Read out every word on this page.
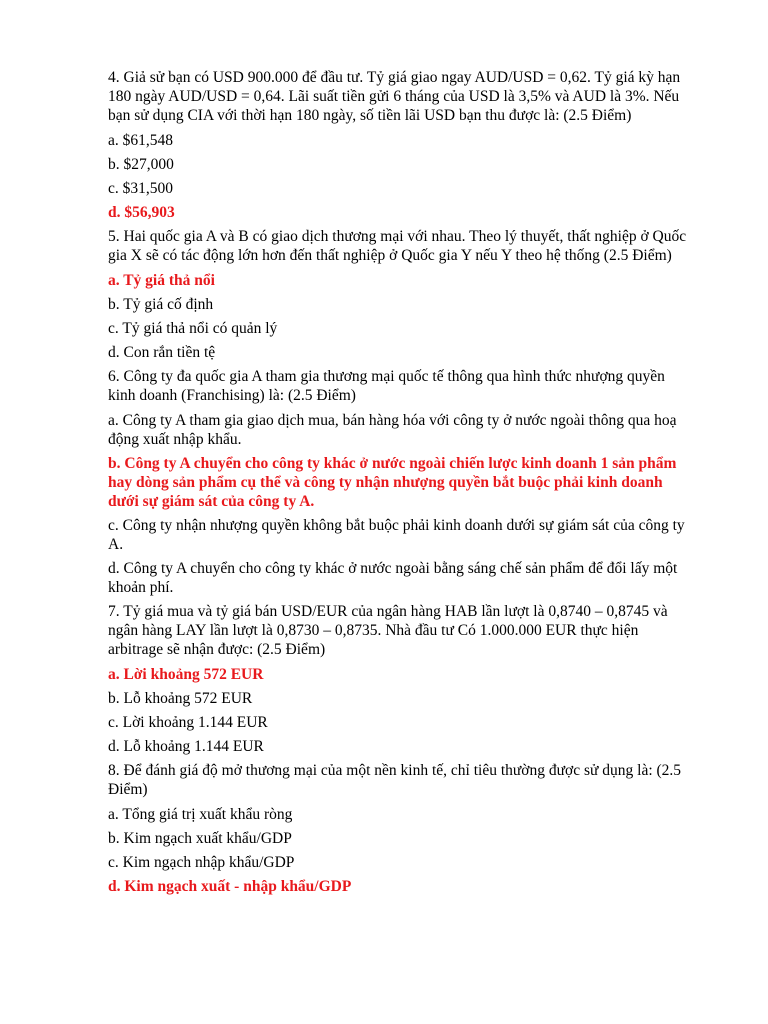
4. Giả sử bạn có USD 900.000 để đầu tư. Tỷ giá giao ngay AUD/USD = 0,62. Tỷ giá kỳ hạn 180 ngày AUD/USD = 0,64. Lãi suất tiền gửi 6 tháng của USD là 3,5% và AUD là 3%. Nếu bạn sử dụng CIA với thời hạn 180 ngày, số tiền lãi USD bạn thu được là: (2.5 Điểm)

a. $61,548

b. $27,000

c. $31,500

d. $56,903

5. Hai quốc gia A và B có giao dịch thương mại với nhau. Theo lý thuyết, thất nghiệp ở Quốc gia X sẽ có tác động lớn hơn đến thất nghiệp ở Quốc gia Y nếu Y theo hệ thống (2.5 Điểm)

a. Tỷ giá thả nổi

b. Tỷ giá cố định

c. Tỷ giá thả nổi có quản lý

d. Con rắn tiền tệ

6. Công ty đa quốc gia A tham gia thương mại quốc tế thông qua hình thức nhượng quyền kinh doanh (Franchising) là: (2.5 Điểm)

a. Công ty A tham gia giao dịch mua, bán hàng hóa với công ty ở nước ngoài thông qua hoạ động xuất nhập khẩu.

b. Công ty A chuyển cho công ty khác ở nước ngoài chiến lược kinh doanh 1 sản phẩm hay dòng sản phẩm cụ thể và công ty nhận nhượng quyền bắt buộc phải kinh doanh dưới sự giám sát của công ty A.

c. Công ty nhận nhượng quyền không bắt buộc phải kinh doanh dưới sự giám sát của công ty A.

d. Công ty A chuyển cho công ty khác ở nước ngoài bằng sáng chế sản phẩm để đổi lấy một khoản phí.

7. Tỷ giá mua và tỷ giá bán USD/EUR của ngân hàng HAB lần lượt là 0,8740 – 0,8745 và ngân hàng LAY lần lượt là 0,8730 – 0,8735. Nhà đầu tư Có 1.000.000 EUR thực hiện arbitrage sẽ nhận được: (2.5 Điểm)

a. Lời khoảng 572 EUR

b. Lỗ khoảng 572 EUR

c. Lời khoảng 1.144 EUR

d. Lỗ khoảng 1.144 EUR

8. Để đánh giá độ mở thương mại của một nền kinh tế, chỉ tiêu thường được sử dụng là: (2.5 Điểm)

a. Tổng giá trị xuất khẩu ròng

b. Kim ngạch xuất khẩu/GDP

c. Kim ngạch nhập khẩu/GDP

d. Kim ngạch xuất - nhập khẩu/GDP
